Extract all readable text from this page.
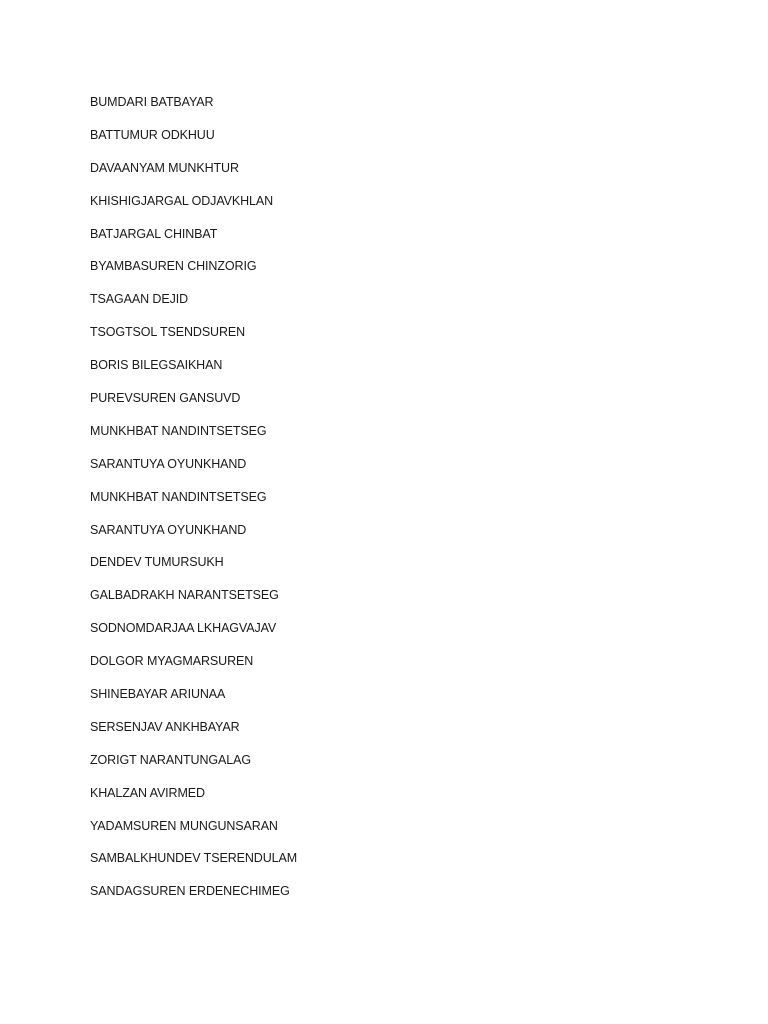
BUMDARI BATBAYAR
BATTUMUR ODKHUU
DAVAANYAM MUNKHTUR
KHISHIGJARGAL ODJAVKHLAN
BATJARGAL CHINBAT
BYAMBASUREN CHINZORIG
TSAGAAN DEJID
TSOGTSOL TSENDSUREN
BORIS BILEGSAIKHAN
PUREVSUREN GANSUVD
MUNKHBAT NANDINTSETSEG
SARANTUYA OYUNKHAND
MUNKHBAT NANDINTSETSEG
SARANTUYA OYUNKHAND
DENDEV TUMURSUKH
GALBADRAKH NARANTSETSEG
SODNOMDARJAA LKHAGVAJAV
DOLGOR MYAGMARSUREN
SHINEBAYAR ARIUNAA
SERSENJAV ANKHBAYAR
ZORIGT NARANTUNGALAG
KHALZAN AVIRMED
YADAMSUREN MUNGUNSARAN
SAMBALKHUNDEV TSERENDULAM
SANDAGSUREN ERDENECHIMEG
